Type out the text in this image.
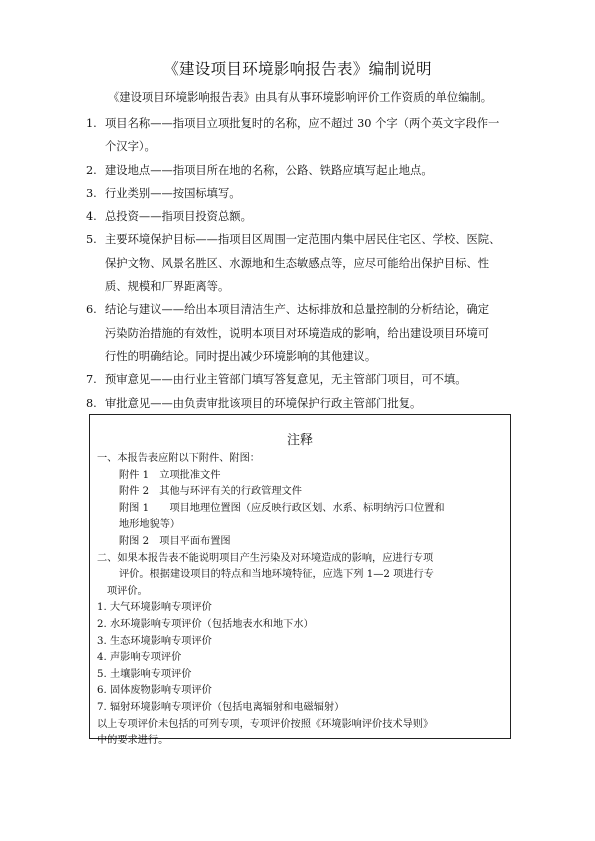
《建设项目环境影响报告表》编制说明
《建设项目环境影响报告表》由具有从事环境影响评价工作资质的单位编制。
1. 项目名称——指项目立项批复时的名称，应不超过 30 个字（两个英文字段作一
个汉字）。
2. 建设地点——指项目所在地的名称，公路、铁路应填写起止地点。
3. 行业类别——按国标填写。
4. 总投资——指项目投资总额。
5. 主要环境保护目标——指项目区周围一定范围内集中居民住宅区、学校、医院、
保护文物、风景名胜区、水源地和生态敏感点等，应尽可能给出保护目标、性
质、规模和厂界距离等。
6. 结论与建议——给出本项目清洁生产、达标排放和总量控制的分析结论，确定
污染防治措施的有效性，说明本项目对环境造成的影响，给出建设项目环境可
行性的明确结论。同时提出减少环境影响的其他建议。
7. 预审意见——由行业主管部门填写答复意见，无主管部门项目，可不填。
8. 审批意见——由负责审批该项目的环境保护行政主管部门批复。
注释
一、本报告表应附以下附件、附图：
附件 1　立项批准文件
附件 2　其他与环评有关的行政管理文件
附图 1　　项目地理位置图（应反映行政区划、水系、标明纳污口位置和
地形地貌等）
附图 2　项目平面布置图
二、如果本报告表不能说明项目产生污染及对环境造成的影响，应进行专项
评价。根据建设项目的特点和当地环境特征，应选下列 1—2 项进行专
项评价。
1. 大气环境影响专项评价
2. 水环境影响专项评价（包括地表水和地下水）
3. 生态环境影响专项评价
4. 声影响专项评价
5. 土壤影响专项评价
6. 固体废物影响专项评价
7. 辐射环境影响专项评价（包括电离辐射和电磁辐射）
以上专项评价未包括的可列专项，专项评价按照《环境影响评价技术导则》
中的要求进行。
